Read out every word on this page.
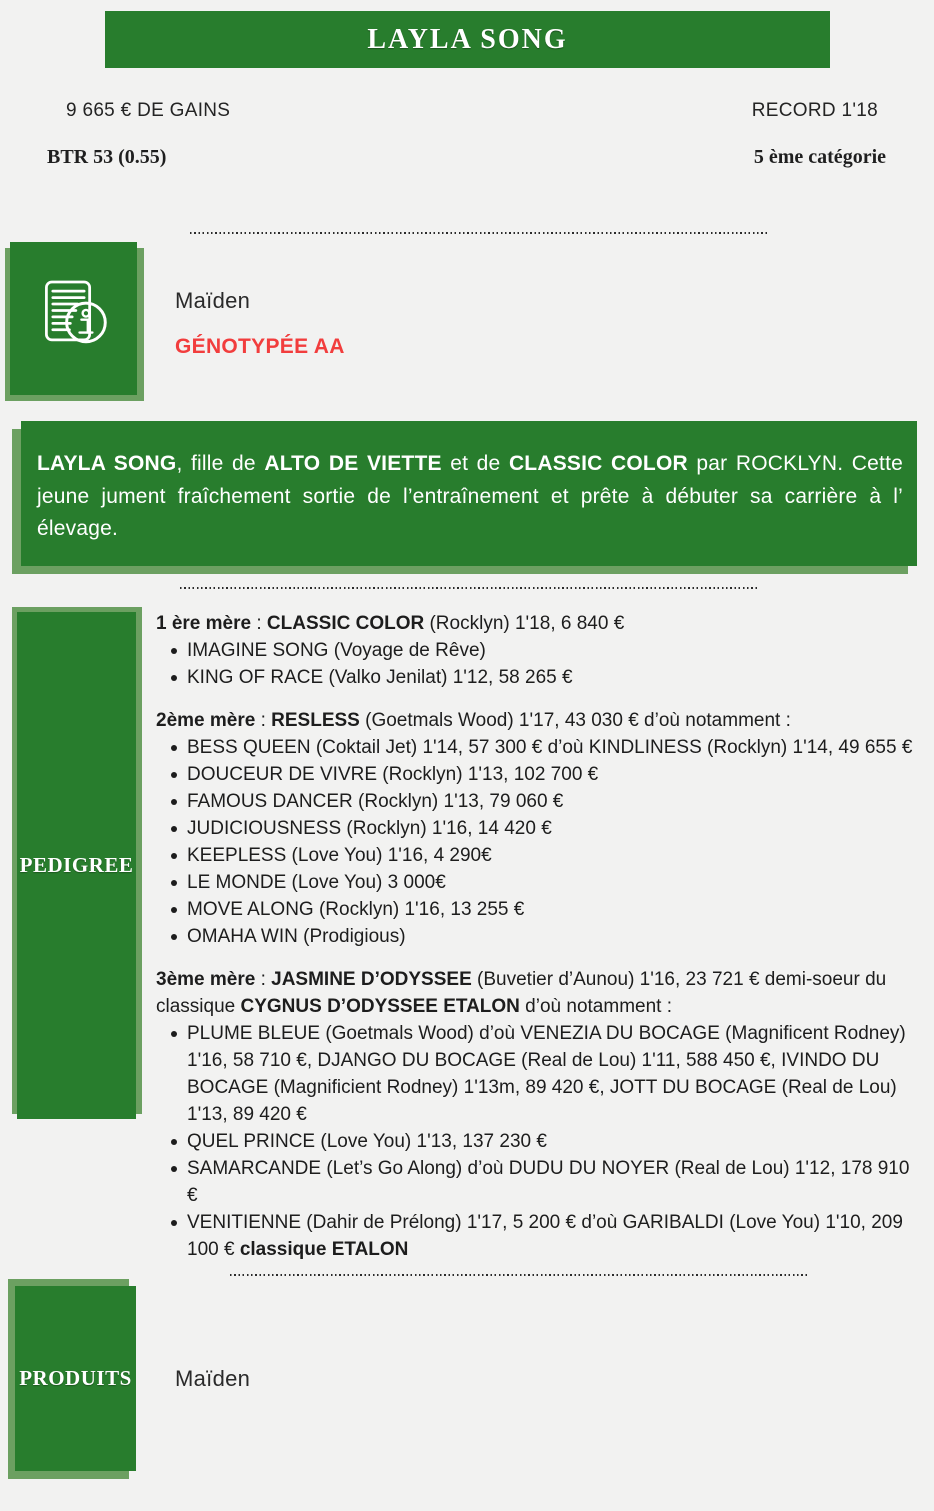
LAYLA SONG
9 665 € DE GAINS	RECORD 1'18
BTR 53 (0.55)	5 ème catégorie
Maïden
GÉNOTYPÉE AA

LAYLA SONG, fille de ALTO DE VIETTE et de CLASSIC COLOR par ROCKLYN. Cette jeune jument fraîchement sortie de l’entraînement et prête à débuter sa carrière à l’ élevage.

PEDIGREE
1 ère mère : CLASSIC COLOR (Rocklyn) 1'18, 6 840 €
IMAGINE SONG (Voyage de Rêve)
KING OF RACE (Valko Jenilat) 1'12, 58 265 €
2ème mère : RESLESS (Goetmals Wood) 1'17, 43 030 € d’où notamment :
BESS QUEEN (Coktail Jet) 1'14, 57 300 € d’où KINDLINESS (Rocklyn) 1'14, 49 655 €
DOUCEUR DE VIVRE (Rocklyn) 1'13, 102 700 €
FAMOUS DANCER (Rocklyn) 1'13, 79 060 €
JUDICIOUSNESS (Rocklyn) 1'16, 14 420 €
KEEPLESS (Love You) 1'16, 4 290€
LE MONDE (Love You) 3 000€
MOVE ALONG (Rocklyn) 1'16, 13 255 €
OMAHA WIN (Prodigious)
3ème mère : JASMINE D’ODYSSEE (Buvetier d’Aunou) 1'16, 23 721 € demi-soeur du classique CYGNUS D’ODYSSEE ETALON d’où notamment :
PLUME BLEUE (Goetmals Wood) d’où VENEZIA DU BOCAGE (Magnificent Rodney) 1'16, 58 710 €, DJANGO DU BOCAGE (Real de Lou) 1'11, 588 450 €, IVINDO DU BOCAGE (Magnificient Rodney) 1'13m, 89 420 €, JOTT DU BOCAGE (Real de Lou) 1'13, 89 420 €
QUEL PRINCE (Love You) 1'13, 137 230 €
SAMARCANDE (Let’s Go Along) d’où DUDU DU NOYER (Real de Lou) 1'12, 178 910 €
VENITIENNE (Dahir de Prélong) 1'17, 5 200 € d’où GARIBALDI (Love You) 1'10, 209 100 € classique ETALON
PRODUITS Maïden
